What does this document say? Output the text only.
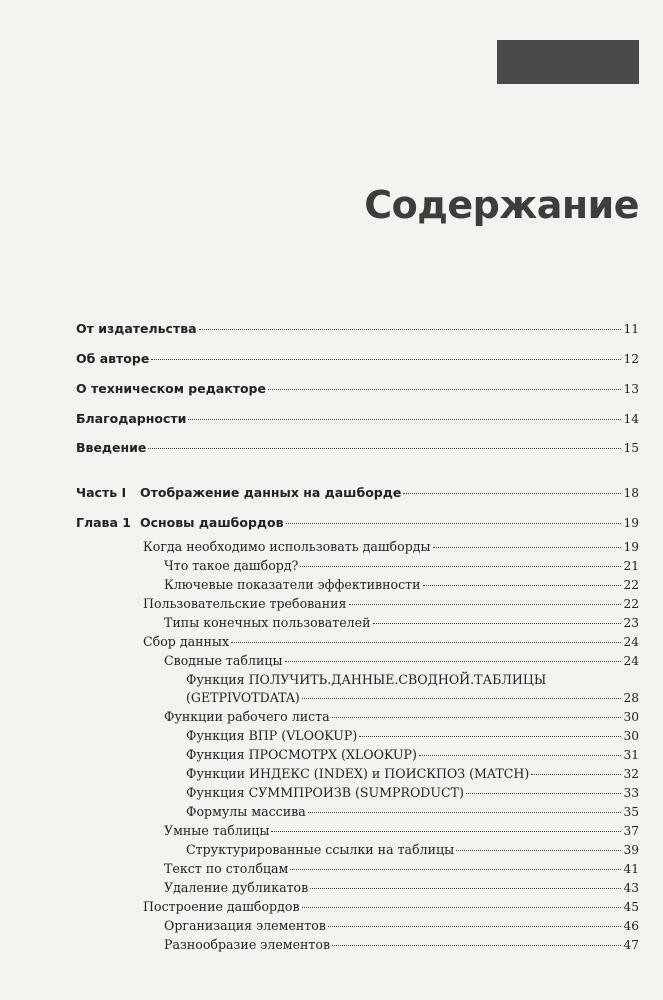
Содержание
От издательства	11
Об авторе	12
О техническом редакторе	13
Благодарности	14
Введение	15
Часть I	Отображение данных на дашборде	18
Глава 1 Основы дашбордов	19
Когда необходимо использовать дашборды	19
Что такое дашборд?	21
Ключевые показатели эффективности	22
Пользовательские требования	22
Типы конечных пользователей	23
Сбор данных	24
Сводные таблицы	24
Функция ПОЛУЧИТЬ.ДАННЫЕ.СВОДНОЙ.ТАБЛИЦЫ
(GETPIVOTDATA)	28
Функции рабочего листа	30
Функция ВПР (VLOOKUP)	30
Функция ПРОСМОТРX (XLOOKUP)	31
Функции ИНДЕКС (INDEX) и ПОИСКПОЗ (MATCH)	32
Функция СУММПРОИЗВ (SUMPRODUCT)	33
Формулы массива	35
Умные таблицы	37
Структурированные ссылки на таблицы	39
Текст по столбцам	41
Удаление дубликатов	43
Построение дашбордов	45
Организация элементов	46
Разнообразие элементов	47
